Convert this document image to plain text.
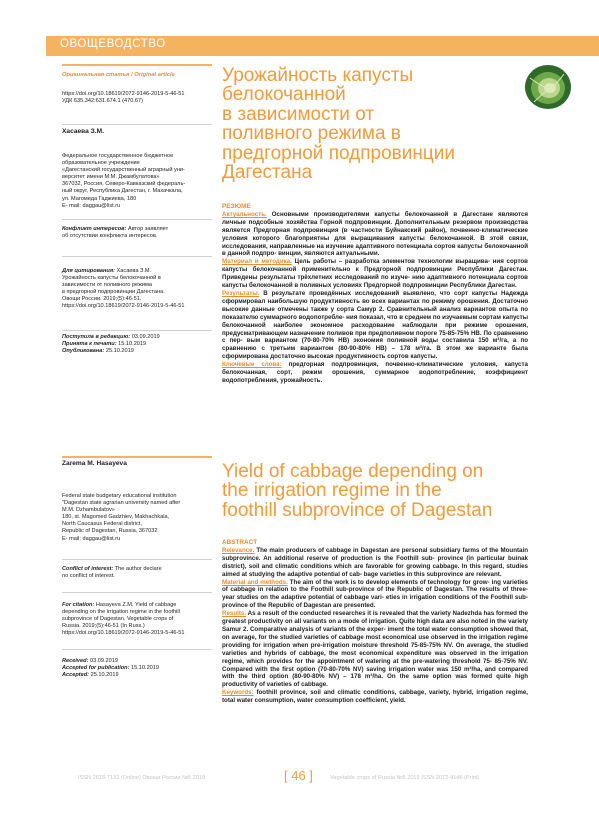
ОВОЩЕВОДСТВО
Оригинальная статья / Original article
https://doi.org/10.18619/2072-9146-2019-5-46-51
УДК 635.342:631.674.1 (470.67)
Хасаева З.М.
Федеральное государственное бюджетное
образовательное учреждение
«Дагестанский государственный аграрный уни-
верситет имени М.М. Джамбулатова»
367032, Россия, Северо-Кавказский федераль-
ный округ, Республика Дагестан, г. Махачкала,
ул. Магомеда Гаджиева, 180
E- mail: daggau@list.ru
Конфликт интересов: Автор заявляет
об отсутствии конфликта интересов.
Для цитирования: Хасаева З.М.
Урожайность капусты белокочанной в
зависимости от поливного режима
в предгорной подпровинции Дагестана.
Овощи России. 2019;(5):46-51.
https://doi.org/10.18619/2072-9146-2019-5-46-51
Поступила в редакцию: 03.09.2019
Принята к печати: 15.10.2019
Опубликована: 25.10.2019
Zarema M. Hasayeva
Federal state budgetary educational institution
"Dagestan state agrarian university named after
M.M. Dzhambulatov»
180, st. Magomed Gadzhiev, Makhachkala,
North Caucasus Federal district,
Republic of Dagestan, Russia, 367032
E- mail: daggau@list.ru
Conflict of interest: The author declare
no conflict of interest.
For citation: Hasayeva Z.M. Yield of cabbage
depending on the irrigation regime in the foothill
subprovince of Dagestan. Vegetable crops of
Russia. 2019;(5):46-51 (In Russ.)
https://doi.org/10.18619/2072-9146-2019-5-46-51
Received: 03.09.2019
Accepted for publication: 15.10.2019
Accepted: 25.10.2019
Урожайность капусты
белокочанной
в зависимости от
поливного режима в
предгорной подпровинции
Дагестана
РЕЗЮМЕ

Актуальность. Основными производителями капусты белокочанной в Дагестане являются личные подсобные хозяйства Горной подпровинции. Дополнительным резервом производства является Предгорная подпровинция (в частности Буйнакский район), почвенно-климатические условия которого благоприятны для выращивания капусты белокочанной. В этой связи, исследования, направленные на изучение адаптивного потенциала сортов капусты белокочанной в данной подпро- винции, являются актуальными.

Материал и методика. Цель работы – разработка элементов технологии выращива- ния сортов капусты белокочанной применительно к Предгорной подпровинции Республики Дагестан. Приведены результаты трёхлетних исследований по изуче- нию адаптивного потенциала сортов капусты белокочанной в поливных условиях Предгорной подпровинции Республики Дагестан.

Результаты. В результате проведённых исследований выявлено, что сорт капусты Надежда сформировал наибольшую продуктивность во всех вариантах по режиму орошения. Достаточно высокие данные отмечены также у сорта Самур 2. Сравнительный анализ вариантов опыта по показателю суммарного водопотребле- ния показал, что в среднем по изучаемым сортам капусты белокочанной наиболее экономное расходование наблюдали при режиме орошения, предусматривающем назначение поливов при предполивном пороге 75-85-75% НВ. По сравнению с пер- вым вариантом (70-80-70% НВ) экономия поливной воды составила 150 м³/га, а по сравнению с третьим вариантом (80-90-80% НВ) – 178 м³/га. В этом же варианте была сформирована достаточно высокая продуктивность сортов капусты.

Ключевые слова: предгорная подпровинция, почвенно-климатические условия, капуста белокочанная, сорт, режим орошения, суммарное водопотребление, коэффициент водопотребления, урожайность.

Yield of cabbage depending on
the irrigation regime in the
foothill subprovince of Dagestan
ABSTRACT

Relevance. The main producers of cabbage in Dagestan are personal subsidiary farms of the Mountain subprovince. An additional reserve of production is the Foothill sub- province (in particular buinak district), soil and climatic conditions which are favorable for growing cabbage. In this regard, studies aimed at studying the adaptive potential of cab- bage varieties in this subprovince are relevant.

Material and methods. The aim of the work is to develop elements of technology for grow- ing varieties of cabbage in relation to the Foothill sub-province of the Republic of Dagestan. The results of three-year studies on the adaptive potential of cabbage vari- eties in irrigation conditions of the Foothill sub-province of the Republic of Dagestan are presented.

Results. As a result of the conducted researches it is revealed that the variety Nadezhda has formed the greatest productivity on all variants on a mode of irrigation. Quite high data are also noted in the variety Samur 2. Comparative analysis of variants of the exper- iment the total water consumption showed that, on average, for the studied varieties of cabbage most economical use observed in the irrigation regime providing for irrigation when pre-irrigation moisture threshold 75-85-75% NV. On average, the studied varieties and hybrids of cabbage, the most economical expenditure was observed in the irrigation regime, which provides for the appointment of watering at the pre-watering threshold 75- 85-75% NV. Compared with the first option (70-80-70% NV) saving irrigation water was 150 m³/ha, and compared with the third option (80-90-80% NV) – 178 m³/ha. On the same option was formed quite high productivity of varieties of cabbage.

Keywords: foothill province, soil and climatic conditions, cabbage, variety, hybrid, irrigation regime, total water consumption, water consumption coefficient, yield.

ISSN 2618-7132 (Online) Овощи России №5 2019	[ 46 ]	Vegetable crops of Russia №5 2019 ISSN 2072-9146 (Print)
